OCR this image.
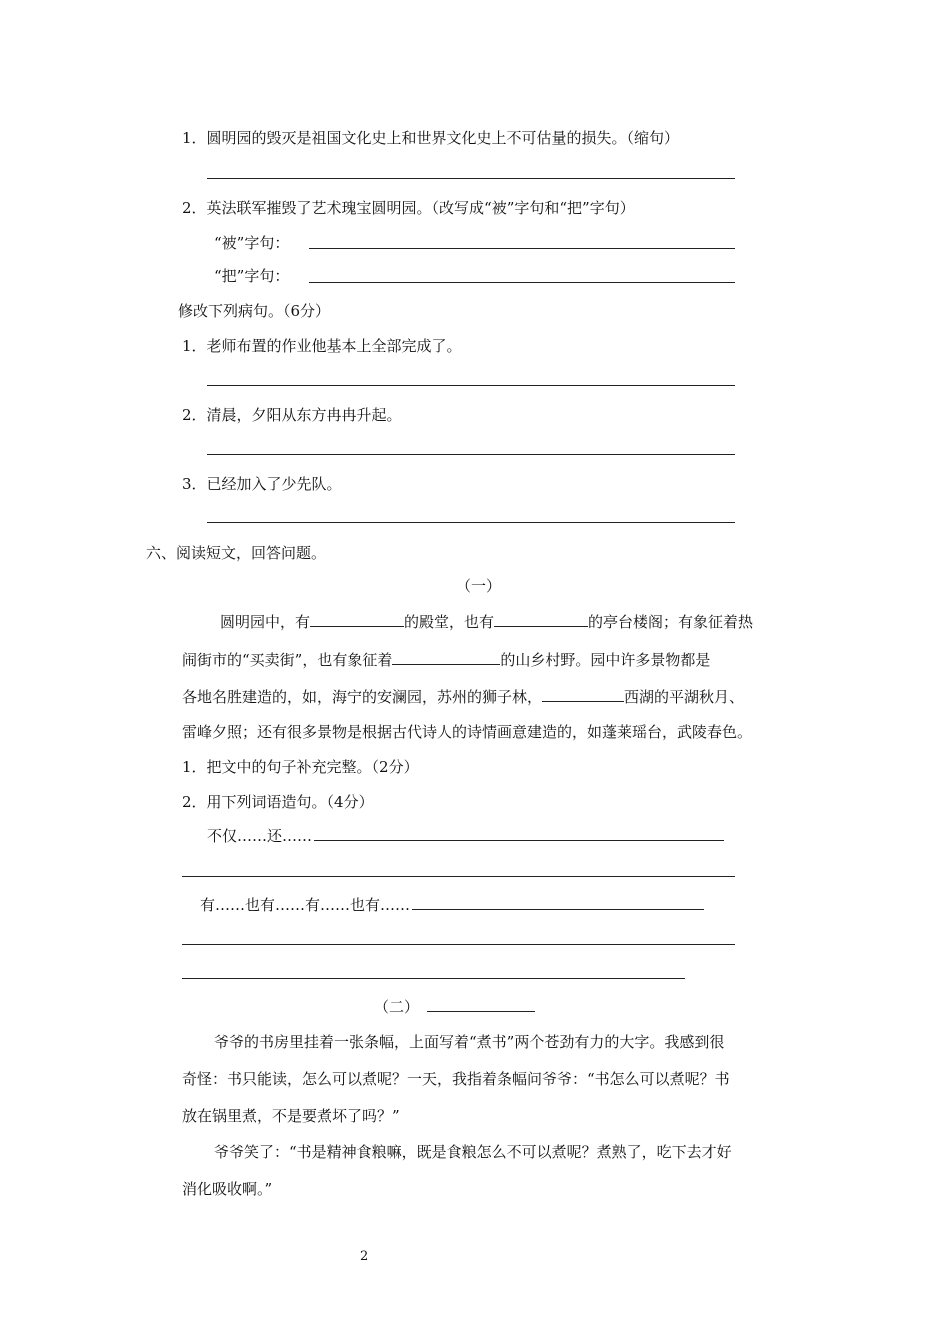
1．圆明园的毁灭是祖国文化史上和世界文化史上不可估量的损失。（缩句）
2．英法联军摧毁了艺术瑰宝圆明园。（改写成“被”字句和“把”字句）
“被”字句：
“把”字句：
修改下列病句。（6分）
1．老师布置的作业他基本上全部完成了。
2．清晨，夕阳从东方冉冉升起。
3．已经加入了少先队。
六、阅读短文，回答问题。
（一）
圆明园中，有	的殿堂，也有	的亭台楼阁；有象征着热
闹街市的“买卖街”，也有象征着	的山乡村野。园中许多景物都是
各地名胜建造的，如，海宁的安澜园，苏州的狮子林，	西湖的平湖秋月、
雷峰夕照；还有很多景物是根据古代诗人的诗情画意建造的，如蓬莱瑶台，武陵春色。
1．把文中的句子补充完整。（2分）
2．用下列词语造句。（4分）
不仅……还……
有……也有……有……也有……
（二）
爷爷的书房里挂着一张条幅，上面写着“煮书”两个苍劲有力的大字。我感到很
奇怪：书只能读，怎么可以煮呢？一天，我指着条幅问爷爷：“书怎么可以煮呢？书
放在锅里煮，不是要煮坏了吗？”
爷爷笑了：“书是精神食粮嘛，既是食粮怎么不可以煮呢？煮熟了，吃下去才好
消化吸收啊。”
2
